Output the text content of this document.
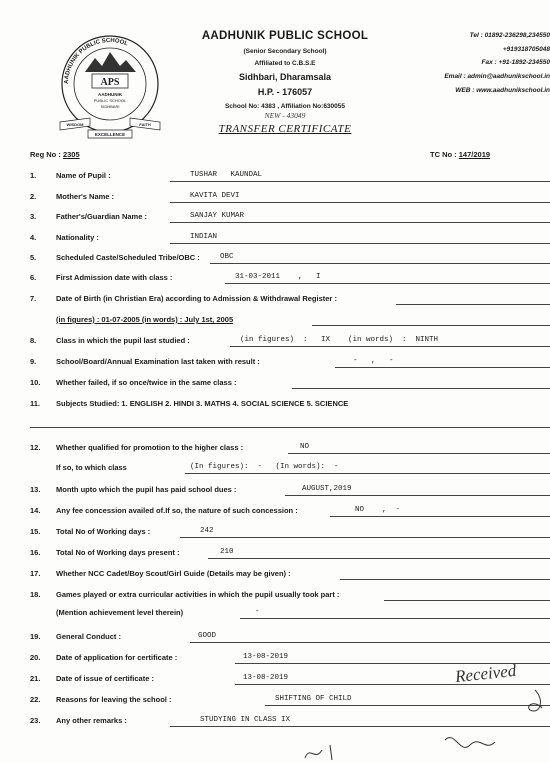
AADHUNIK PUBLIC SCHOOL
APS
AADHUNIK
PUBLIC SCHOOL
SIDHBARI
WISDOM	FAITH
EXCELLENCE
AADHUNIK PUBLIC SCHOOL
(Senior Secondary School)
Affiliated to C.B.S.E
Sidhbari, Dharamsala
H.P. - 176057
School No: 4383 , Affiliation No:630055
NEW - 43049
TRANSFER CERTIFICATE
Tel : 01892-236298,234550
+919318705048
Fax : +91-1892-234550
Email : admin@aadhunikschool.in
WEB : www.aadhunikschool.in
Reg No : 2305	TC No : 147/2019
1.	Name of Pupil :	TUSHAR   KAUNDAL
2.	Mother's Name :	KAVITA DEVI
3.	Father's/Guardian Name :	SANJAY KUMAR
4.	Nationality :	INDIAN
5.	Scheduled Caste/Scheduled Tribe/OBC :	OBC
6.	First Admission date with class :	31-03-2011    ,   I
7.	Date of Birth (in Christian Era) according to Admission & Withdrawal Register :
(in figures) : 01-07-2005 (in words) : July 1st, 2005
8.	Class in which the pupil last studied :	(in figures)  :   IX    (in words)  :  NINTH
9.	School/Board/Annual Examination last taken with result :	-   ,   -
10. Whether failed, if so once/twice in the same class :
11. Subjects Studied: 1. ENGLISH 2. HINDI 3. MATHS 4. SOCIAL SCIENCE 5. SCIENCE
12. Whether qualified for promotion to the higher class :	NO
If so, to which class	(In figures):  -   (In words):  -
13. Month upto which the pupil has paid school dues :	AUGUST,2019
14. Any fee concession availed of.If so, the nature of such concession :	NO    ,  -
15. Total No of Working days :	242
16. Total No of Working days present :	210
17. Whether NCC Cadet/Boy Scout/Girl Guide (Details may be given) :
18. Games played or extra curricular activities in which the pupil usually took part :
(Mention achievement level therein)	-
19. General Conduct :	GOOD
20. Date of application for certificate :	13-08-2019
21. Date of issue of certificate :	13-08-2019
22. Reasons for leaving the school :	SHIFTING OF CHILD
23. Any other remarks :	STUDYING IN CLASS IX
Received
